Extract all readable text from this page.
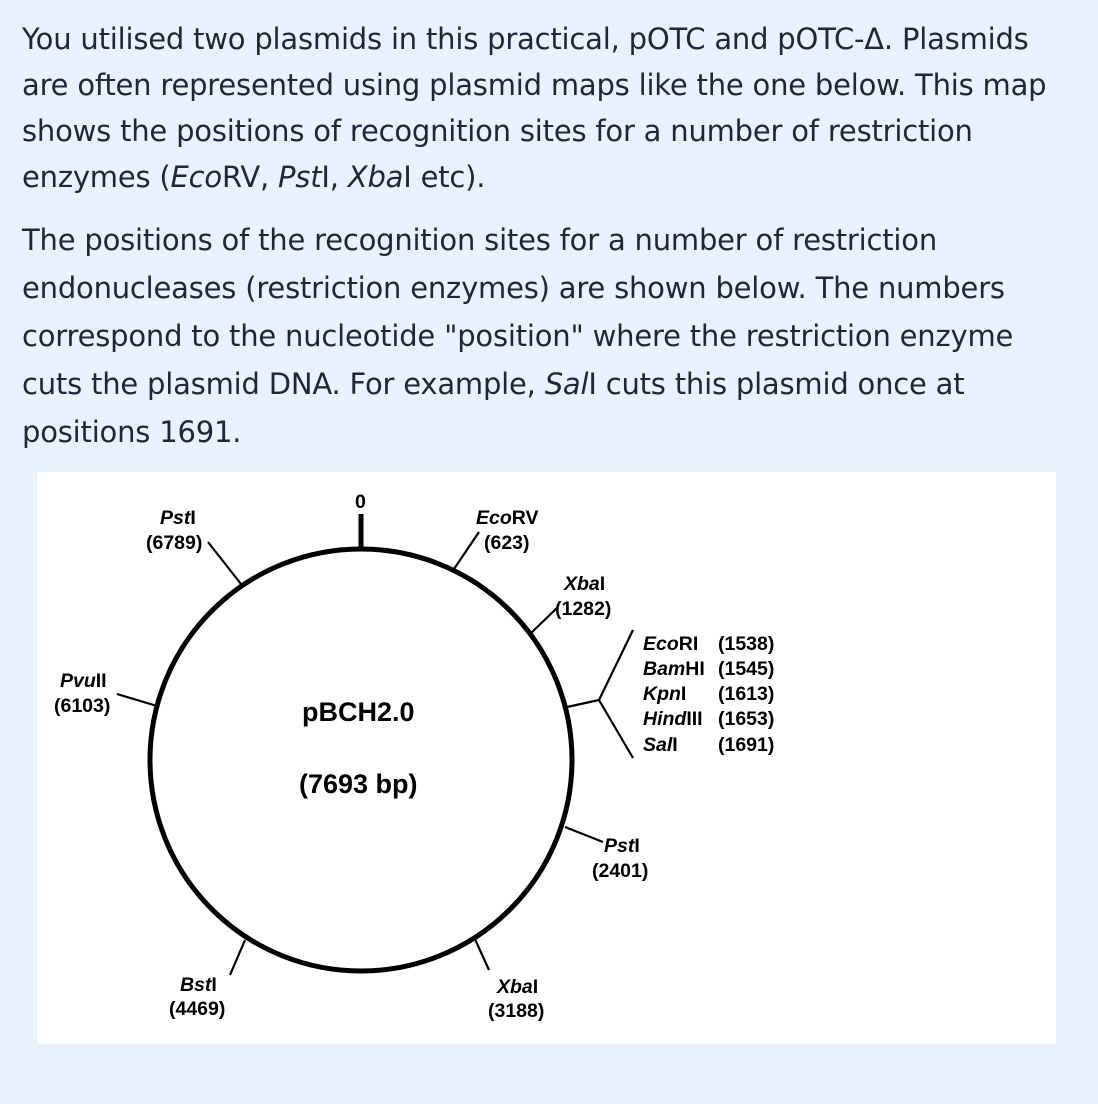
You utilised two plasmids in this practical, pOTC and pOTC-Δ. Plasmids are often represented using plasmid maps like the one below. This map shows the positions of recognition sites for a number of restriction enzymes (EcoRV, PstI, XbaI etc).
The positions of the recognition sites for a number of restriction endonucleases (restriction enzymes) are shown below. The numbers correspond to the nucleotide "position" where the restriction enzyme cuts the plasmid DNA. For example, SalI cuts this plasmid once at positions 1691.
0
pBCH2.0
(7693 bp)
PstI
(6789)
EcoRV
(623)
XbaI
(1282)
PvuII
(6103)
PstI
(2401)
XbaI
(3188)
BstI
(4469)
EcoRI (1538)
BamHI (1545)
KpnI (1613)
HindIII (1653)
SalI (1691)
